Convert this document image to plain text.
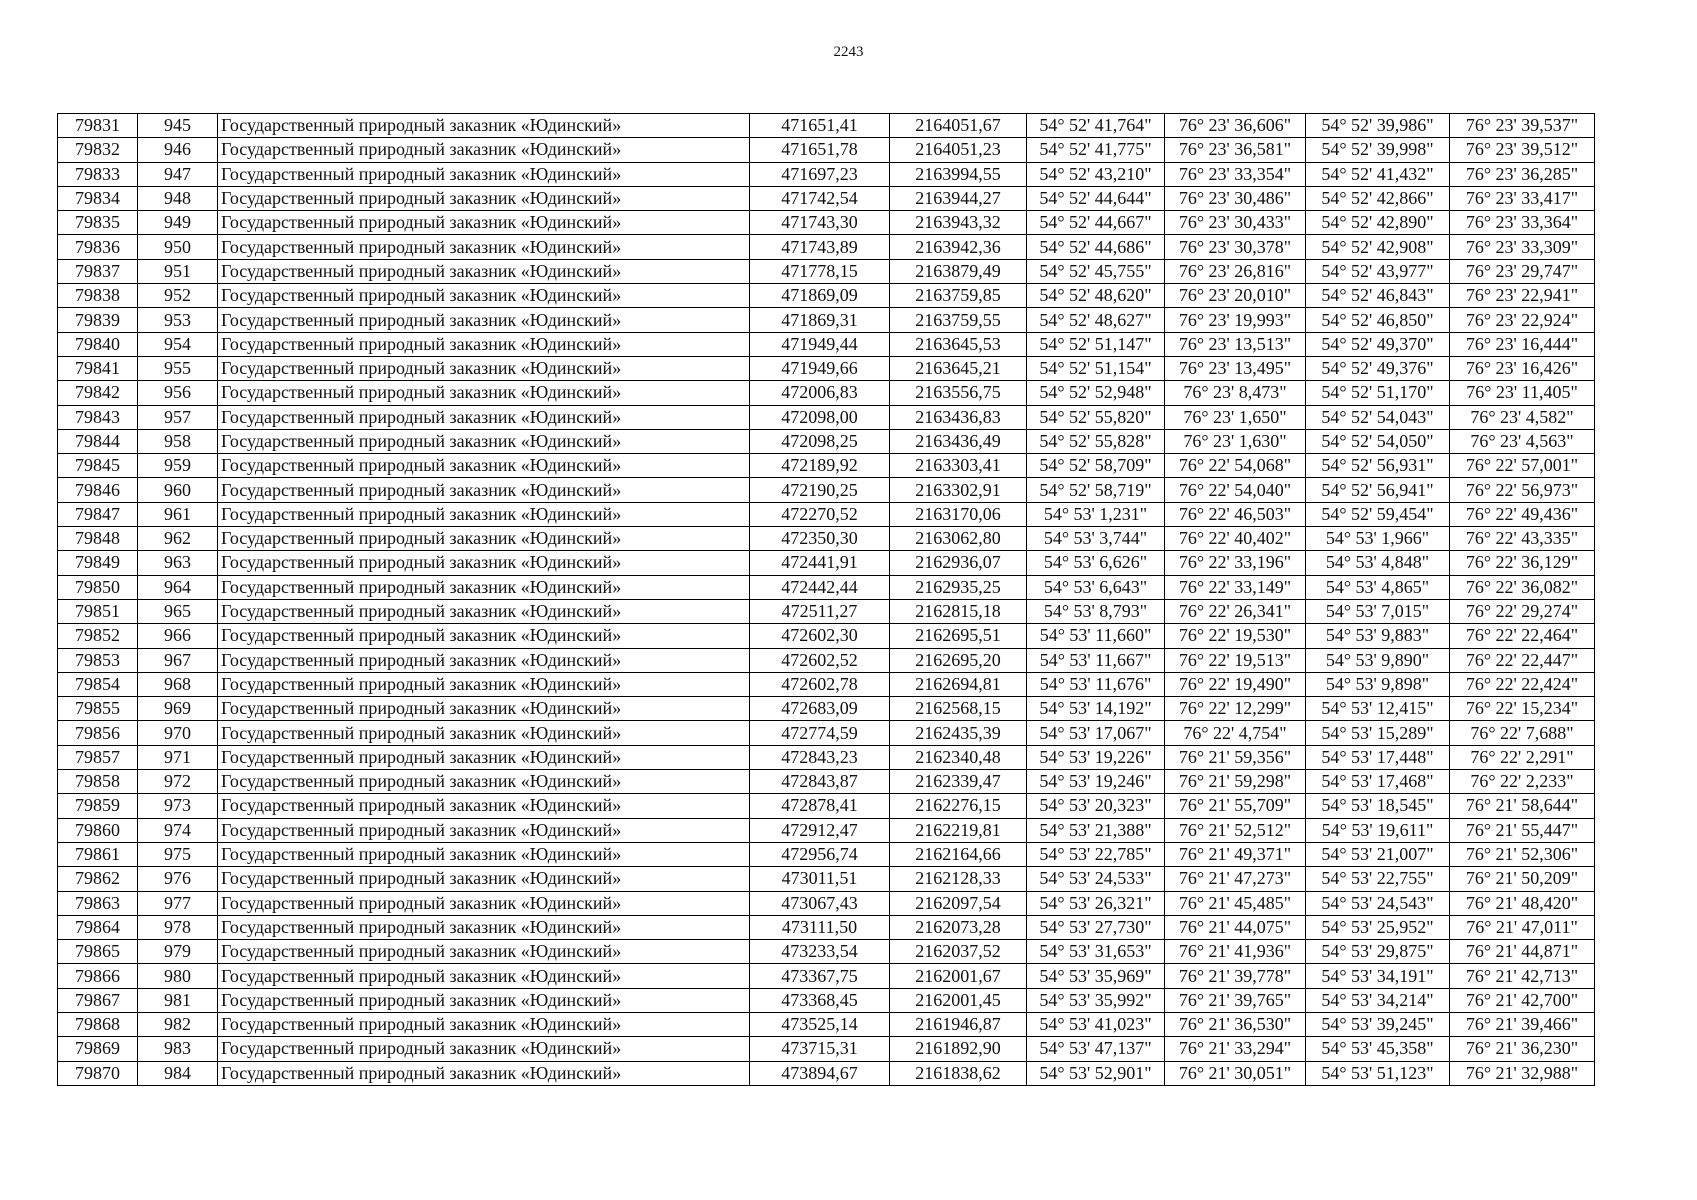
2243
79831	945	Государственный природный заказник «Юдинский»	471651,41	2164051,67	54° 52' 41,764"	76° 23' 36,606"	54° 52' 39,986"	76° 23' 39,537"
79832	946	Государственный природный заказник «Юдинский»	471651,78	2164051,23	54° 52' 41,775"	76° 23' 36,581"	54° 52' 39,998"	76° 23' 39,512"
79833	947	Государственный природный заказник «Юдинский»	471697,23	2163994,55	54° 52' 43,210"	76° 23' 33,354"	54° 52' 41,432"	76° 23' 36,285"
79834	948	Государственный природный заказник «Юдинский»	471742,54	2163944,27	54° 52' 44,644"	76° 23' 30,486"	54° 52' 42,866"	76° 23' 33,417"
79835	949	Государственный природный заказник «Юдинский»	471743,30	2163943,32	54° 52' 44,667"	76° 23' 30,433"	54° 52' 42,890"	76° 23' 33,364"
79836	950	Государственный природный заказник «Юдинский»	471743,89	2163942,36	54° 52' 44,686"	76° 23' 30,378"	54° 52' 42,908"	76° 23' 33,309"
79837	951	Государственный природный заказник «Юдинский»	471778,15	2163879,49	54° 52' 45,755"	76° 23' 26,816"	54° 52' 43,977"	76° 23' 29,747"
79838	952	Государственный природный заказник «Юдинский»	471869,09	2163759,85	54° 52' 48,620"	76° 23' 20,010"	54° 52' 46,843"	76° 23' 22,941"
79839	953	Государственный природный заказник «Юдинский»	471869,31	2163759,55	54° 52' 48,627"	76° 23' 19,993"	54° 52' 46,850"	76° 23' 22,924"
79840	954	Государственный природный заказник «Юдинский»	471949,44	2163645,53	54° 52' 51,147"	76° 23' 13,513"	54° 52' 49,370"	76° 23' 16,444"
79841	955	Государственный природный заказник «Юдинский»	471949,66	2163645,21	54° 52' 51,154"	76° 23' 13,495"	54° 52' 49,376"	76° 23' 16,426"
79842	956	Государственный природный заказник «Юдинский»	472006,83	2163556,75	54° 52' 52,948"	76° 23' 8,473"	54° 52' 51,170"	76° 23' 11,405"
79843	957	Государственный природный заказник «Юдинский»	472098,00	2163436,83	54° 52' 55,820"	76° 23' 1,650"	54° 52' 54,043"	76° 23' 4,582"
79844	958	Государственный природный заказник «Юдинский»	472098,25	2163436,49	54° 52' 55,828"	76° 23' 1,630"	54° 52' 54,050"	76° 23' 4,563"
79845	959	Государственный природный заказник «Юдинский»	472189,92	2163303,41	54° 52' 58,709"	76° 22' 54,068"	54° 52' 56,931"	76° 22' 57,001"
79846	960	Государственный природный заказник «Юдинский»	472190,25	2163302,91	54° 52' 58,719"	76° 22' 54,040"	54° 52' 56,941"	76° 22' 56,973"
79847	961	Государственный природный заказник «Юдинский»	472270,52	2163170,06	54° 53' 1,231"	76° 22' 46,503"	54° 52' 59,454"	76° 22' 49,436"
79848	962	Государственный природный заказник «Юдинский»	472350,30	2163062,80	54° 53' 3,744"	76° 22' 40,402"	54° 53' 1,966"	76° 22' 43,335"
79849	963	Государственный природный заказник «Юдинский»	472441,91	2162936,07	54° 53' 6,626"	76° 22' 33,196"	54° 53' 4,848"	76° 22' 36,129"
79850	964	Государственный природный заказник «Юдинский»	472442,44	2162935,25	54° 53' 6,643"	76° 22' 33,149"	54° 53' 4,865"	76° 22' 36,082"
79851	965	Государственный природный заказник «Юдинский»	472511,27	2162815,18	54° 53' 8,793"	76° 22' 26,341"	54° 53' 7,015"	76° 22' 29,274"
79852	966	Государственный природный заказник «Юдинский»	472602,30	2162695,51	54° 53' 11,660"	76° 22' 19,530"	54° 53' 9,883"	76° 22' 22,464"
79853	967	Государственный природный заказник «Юдинский»	472602,52	2162695,20	54° 53' 11,667"	76° 22' 19,513"	54° 53' 9,890"	76° 22' 22,447"
79854	968	Государственный природный заказник «Юдинский»	472602,78	2162694,81	54° 53' 11,676"	76° 22' 19,490"	54° 53' 9,898"	76° 22' 22,424"
79855	969	Государственный природный заказник «Юдинский»	472683,09	2162568,15	54° 53' 14,192"	76° 22' 12,299"	54° 53' 12,415"	76° 22' 15,234"
79856	970	Государственный природный заказник «Юдинский»	472774,59	2162435,39	54° 53' 17,067"	76° 22' 4,754"	54° 53' 15,289"	76° 22' 7,688"
79857	971	Государственный природный заказник «Юдинский»	472843,23	2162340,48	54° 53' 19,226"	76° 21' 59,356"	54° 53' 17,448"	76° 22' 2,291"
79858	972	Государственный природный заказник «Юдинский»	472843,87	2162339,47	54° 53' 19,246"	76° 21' 59,298"	54° 53' 17,468"	76° 22' 2,233"
79859	973	Государственный природный заказник «Юдинский»	472878,41	2162276,15	54° 53' 20,323"	76° 21' 55,709"	54° 53' 18,545"	76° 21' 58,644"
79860	974	Государственный природный заказник «Юдинский»	472912,47	2162219,81	54° 53' 21,388"	76° 21' 52,512"	54° 53' 19,611"	76° 21' 55,447"
79861	975	Государственный природный заказник «Юдинский»	472956,74	2162164,66	54° 53' 22,785"	76° 21' 49,371"	54° 53' 21,007"	76° 21' 52,306"
79862	976	Государственный природный заказник «Юдинский»	473011,51	2162128,33	54° 53' 24,533"	76° 21' 47,273"	54° 53' 22,755"	76° 21' 50,209"
79863	977	Государственный природный заказник «Юдинский»	473067,43	2162097,54	54° 53' 26,321"	76° 21' 45,485"	54° 53' 24,543"	76° 21' 48,420"
79864	978	Государственный природный заказник «Юдинский»	473111,50	2162073,28	54° 53' 27,730"	76° 21' 44,075"	54° 53' 25,952"	76° 21' 47,011"
79865	979	Государственный природный заказник «Юдинский»	473233,54	2162037,52	54° 53' 31,653"	76° 21' 41,936"	54° 53' 29,875"	76° 21' 44,871"
79866	980	Государственный природный заказник «Юдинский»	473367,75	2162001,67	54° 53' 35,969"	76° 21' 39,778"	54° 53' 34,191"	76° 21' 42,713"
79867	981	Государственный природный заказник «Юдинский»	473368,45	2162001,45	54° 53' 35,992"	76° 21' 39,765"	54° 53' 34,214"	76° 21' 42,700"
79868	982	Государственный природный заказник «Юдинский»	473525,14	2161946,87	54° 53' 41,023"	76° 21' 36,530"	54° 53' 39,245"	76° 21' 39,466"
79869	983	Государственный природный заказник «Юдинский»	473715,31	2161892,90	54° 53' 47,137"	76° 21' 33,294"	54° 53' 45,358"	76° 21' 36,230"
79870	984	Государственный природный заказник «Юдинский»	473894,67	2161838,62	54° 53' 52,901"	76° 21' 30,051"	54° 53' 51,123"	76° 21' 32,988"
